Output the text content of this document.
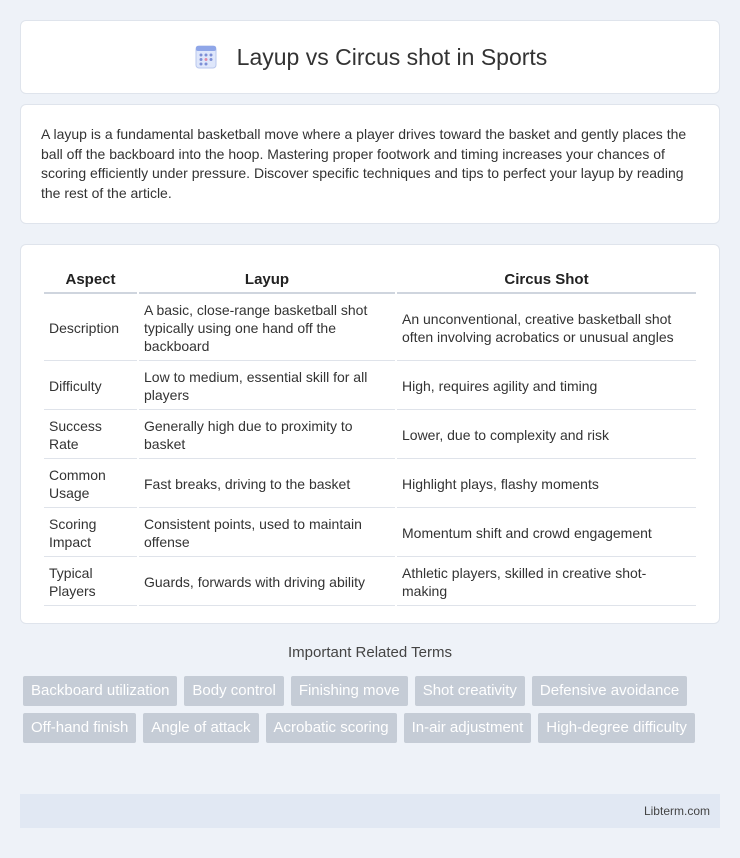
Layup vs Circus shot in Sports

A layup is a fundamental basketball move where a player drives toward the basket and gently places the ball off the backboard into the hoop. Mastering proper footwork and timing increases your chances of scoring efficiently under pressure. Discover specific techniques and tips to perfect your layup by reading the rest of the article.

Aspect	Layup	Circus Shot
Description	A basic, close-range basketball shot typically using one hand off the backboard	An unconventional, creative basketball shot often involving acrobatics or unusual angles
Difficulty	Low to medium, essential skill for all players	High, requires agility and timing
Success Rate	Generally high due to proximity to basket	Lower, due to complexity and risk
Common Usage	Fast breaks, driving to the basket	Highlight plays, flashy moments
Scoring Impact	Consistent points, used to maintain offense	Momentum shift and crowd engagement
Typical Players	Guards, forwards with driving ability	Athletic players, skilled in creative shot-making
Important Related Terms
Backboard utilization	Body control	Finishing move	Shot creativity	Defensive avoidance
Off-hand finish	Angle of attack	Acrobatic scoring	In-air adjustment	High-degree difficulty
Libterm.com
